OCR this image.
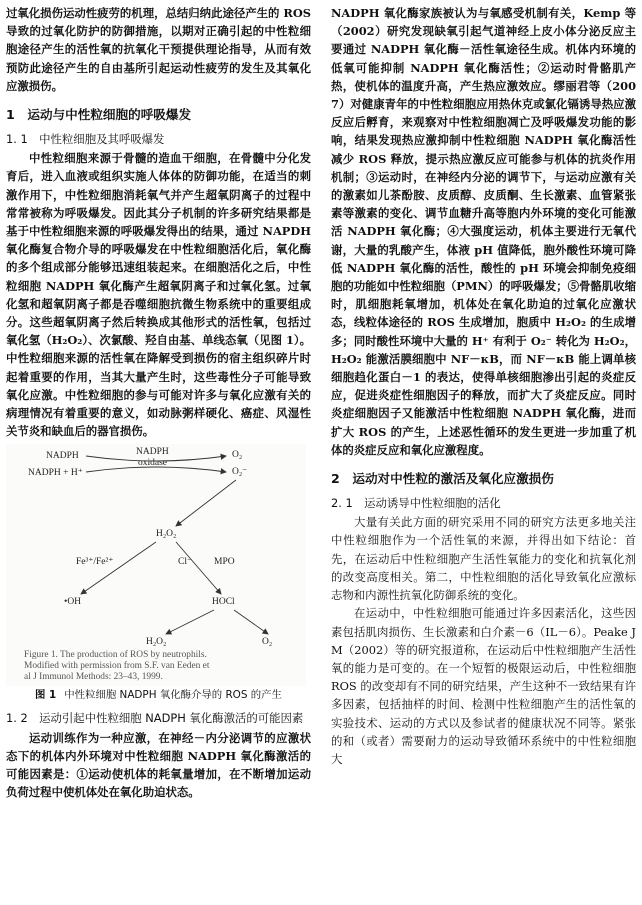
过氧化损伤运动性疲劳的机理，总结归纳此途径产生的 ROS 导致的过氧化防护的防御措施，以期对正确引起的中性粒细胞途径产生的活性氧的抗氧化干预提供理论指导，从而有效预防此途径产生的自由基所引起运动性疲劳的发生及其氧化应激损伤。

1　运动与中性粒细胞的呼吸爆发
1. 1　中性粒细胞及其呼吸爆发

中性粒细胞来源于骨髓的造血干细胞，在骨髓中分化发育后，进入血液或组织实施人体体的防御功能，在适当的刺激作用下，中性粒细胞消耗氧气并产生超氧阴离子的过程中常常被称为呼吸爆发。因此其分子机制的许多研究结果都是基于中性粒细胞来源的呼吸爆发得出的结果，通过 NAPDH 氧化酶复合物介导的呼吸爆发在中性粒细胞活化后，氧化酶的多个组成部分能够迅速组装起来。在细胞活化之后，中性粒细胞 NADPH 氧化酶产生超氧阴离子和过氧化氢。过氧化氢和超氧阴离子都是吞噬细胞抗微生物系统中的重要组成分。这些超氧阴离子然后转换成其他形式的活性氧，包括过氧化氢（H₂O₂）、次氯酸、羟自由基、单线态氧（见图 1）。中性粒细胞来源的活性氧在降解受到损伤的宿主组织碎片时起着重要的作用，当其大量产生时，这些毒性分子可能导致氧化应激。中性粒细胞的参与可能对许多与氧化应激有关的病理情况有着重要的意义，如动脉粥样硬化、癌症、风湿性关节炎和缺血后的器官损伤。

NADPH
NADPH + H⁺
NADPH
oxidase
O₂
O₂⁻
H₂O₂
Fe³⁺/Fe²⁺	Cl⁻ MPO
•OH	HOCl
H₂O₂	O₂
Figure 1. The production of ROS by neutrophils.
Modified with permission from S.F. van Eeden et
al J Immunol Methods: 23–43, 1999.

图 1 中性粒细胞 NADPH 氧化酶介导的 ROS 的产生

1. 2　运动引起中性粒细胞 NADPH 氧化酶激活的可能因素

运动训练作为一种应激，在神经－内分泌调节的应激状态下的机体内外环境对中性粒细胞 NADPH 氧化酶激活的可能因素是：①运动使机体的耗氧量增加，在不断增加运动负荷过程中使机体处在氧化助迫状态。

NADPH 氧化酶家族被认为与氧感受机制有关，Kemp 等（2002）研究发现缺氧引起气道神经上皮小体分泌反应主要通过 NADPH 氧化酶－活性氧途径生成。机体内环境的低氧可能抑制 NADPH 氧化酶活性；②运动时骨骼肌产热，使机体的温度升高，产生热应激效应。缪丽君等（2007）对健康青年的中性粒细胞应用热休克或氯化镉诱导热应激反应后孵育，来观察对中性粒细胞凋亡及呼吸爆发功能的影响，结果发现热应激抑制中性粒细胞 NADPH 氧化酶活性减少 ROS 释放，提示热应激反应可能参与机体的抗炎作用机制；③运动时，在神经内分泌的调节下，与运动应激有关的激素如儿茶酚胺、皮质醇、皮质酮、生长激素、血管紧张素等激素的变化、调节血糖升高等胞内外环境的变化可能激活 NADPH 氧化酶；④大强度运动，机体主要进行无氧代谢，大量的乳酸产生，体液 pH 值降低，胞外酸性环境可降低 NADPH 氧化酶的活性，酸性的 pH 环境会抑制免疫细胞的功能如中性粒细胞（PMN）的呼吸爆发；⑤骨骼肌收缩时，肌细胞耗氧增加，机体处在氧化助迫的过氧化应激状态，线粒体途径的 ROS 生成增加，胞质中 H₂O₂ 的生成增多；同时酸性环境中大量的 H⁺ 有利于 O₂⁻ 转化为 H₂O₂，H₂O₂ 能激活膜细胞中 NF－κB，而 NF－κB 能上调单核细胞趋化蛋白－1 的表达，使得单核细胞渗出引起的炎症反应，促进炎症性细胞因子的释放，而扩大了炎症反应。同时炎症细胞因子又能激活中性粒细胞 NADPH 氧化酶，进而扩大 ROS 的产生，上述恶性循环的发生更进一步加重了机体的炎症反应和氧化应激程度。

2　运动对中性粒的激活及氧化应激损伤
2. 1　运动诱导中性粒细胞的活化

大量有关此方面的研究采用不同的研究方法更多地关注中性粒细胞作为一个活性氧的来源，并得出如下结论：首先，在运动后中性粒细胞产生活性氧能力的变化和抗氧化剂的改变高度相关。第二，中性粒细胞的活化导致氧化应激标志物和内源性抗氧化防御系统的变化。

在运动中，中性粒细胞可能通过许多因素活化，这些因素包括肌肉损伤、生长激素和白介素－6（IL－6）。Peake JM（2002）等的研究报道称，在运动后中性粒细胞产生活性氧的能力是可变的。在一个短暂的极限运动后，中性粒细胞 ROS 的改变却有不同的研究结果，产生这种不一致结果有许多因素，包括抽样的时间、检测中性粒细胞产生的活性氧的实验技术、运动的方式以及参试者的健康状况不同等。紧张的和（或者）需要耐力的运动导致循环系统中的中性粒细胞大
